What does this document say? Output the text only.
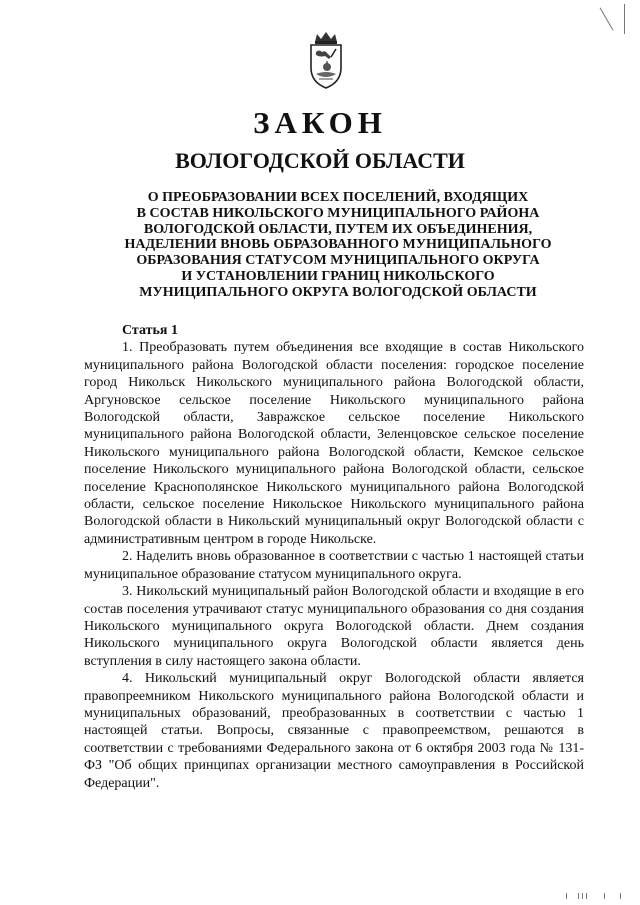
ЗАКОН
ВОЛОГОДСКОЙ ОБЛАСТИ
О ПРЕОБРАЗОВАНИИ ВСЕХ ПОСЕЛЕНИЙ, ВХОДЯЩИХ
В СОСТАВ НИКОЛЬСКОГО МУНИЦИПАЛЬНОГО РАЙОНА
ВОЛОГОДСКОЙ ОБЛАСТИ, ПУТЕМ ИХ ОБЪЕДИНЕНИЯ,
НАДЕЛЕНИИ ВНОВЬ ОБРАЗОВАННОГО МУНИЦИПАЛЬНОГО
ОБРАЗОВАНИЯ СТАТУСОМ МУНИЦИПАЛЬНОГО ОКРУГА
И УСТАНОВЛЕНИИ ГРАНИЦ НИКОЛЬСКОГО
МУНИЦИПАЛЬНОГО ОКРУГА ВОЛОГОДСКОЙ ОБЛАСТИ

Статья 1

1. Преобразовать путем объединения все входящие в состав Никольского муниципального района Вологодской области поселения: городское поселение город Никольск Никольского муниципального района Вологодской области, Аргуновское сельское поселение Никольского муниципального района Вологодской области, Завражское сельское поселение Никольского муниципального района Вологодской области, Зеленцовское сельское поселение Никольского муниципального района Вологодской области, Кемское сельское поселение Никольского муниципального района Вологодской области, сельское поселение Краснополянское Никольского муниципального района Вологодской области, сельское поселение Никольское Никольского муниципального района Вологодской области в Никольский муниципальный округ Вологодской области с административным центром в городе Никольске.

2. Наделить вновь образованное в соответствии с частью 1 настоящей статьи муниципальное образование статусом муниципального округа.

3. Никольский муниципальный район Вологодской области и входящие в его состав поселения утрачивают статус муниципального образования со дня создания Никольского муниципального округа Вологодской области. Днем создания Никольского муниципального округа Вологодской области является день вступления в силу настоящего закона области.

4. Никольский муниципальный округ Вологодской области является правопреемником Никольского муниципального района Вологодской области и муниципальных образований, преобразованных в соответствии с частью 1 настоящей статьи. Вопросы, связанные с правопреемством, решаются в соответствии с требованиями Федерального закона от 6 октября 2003 года № 131-ФЗ "Об общих принципах организации местного самоуправления в Российской Федерации".
